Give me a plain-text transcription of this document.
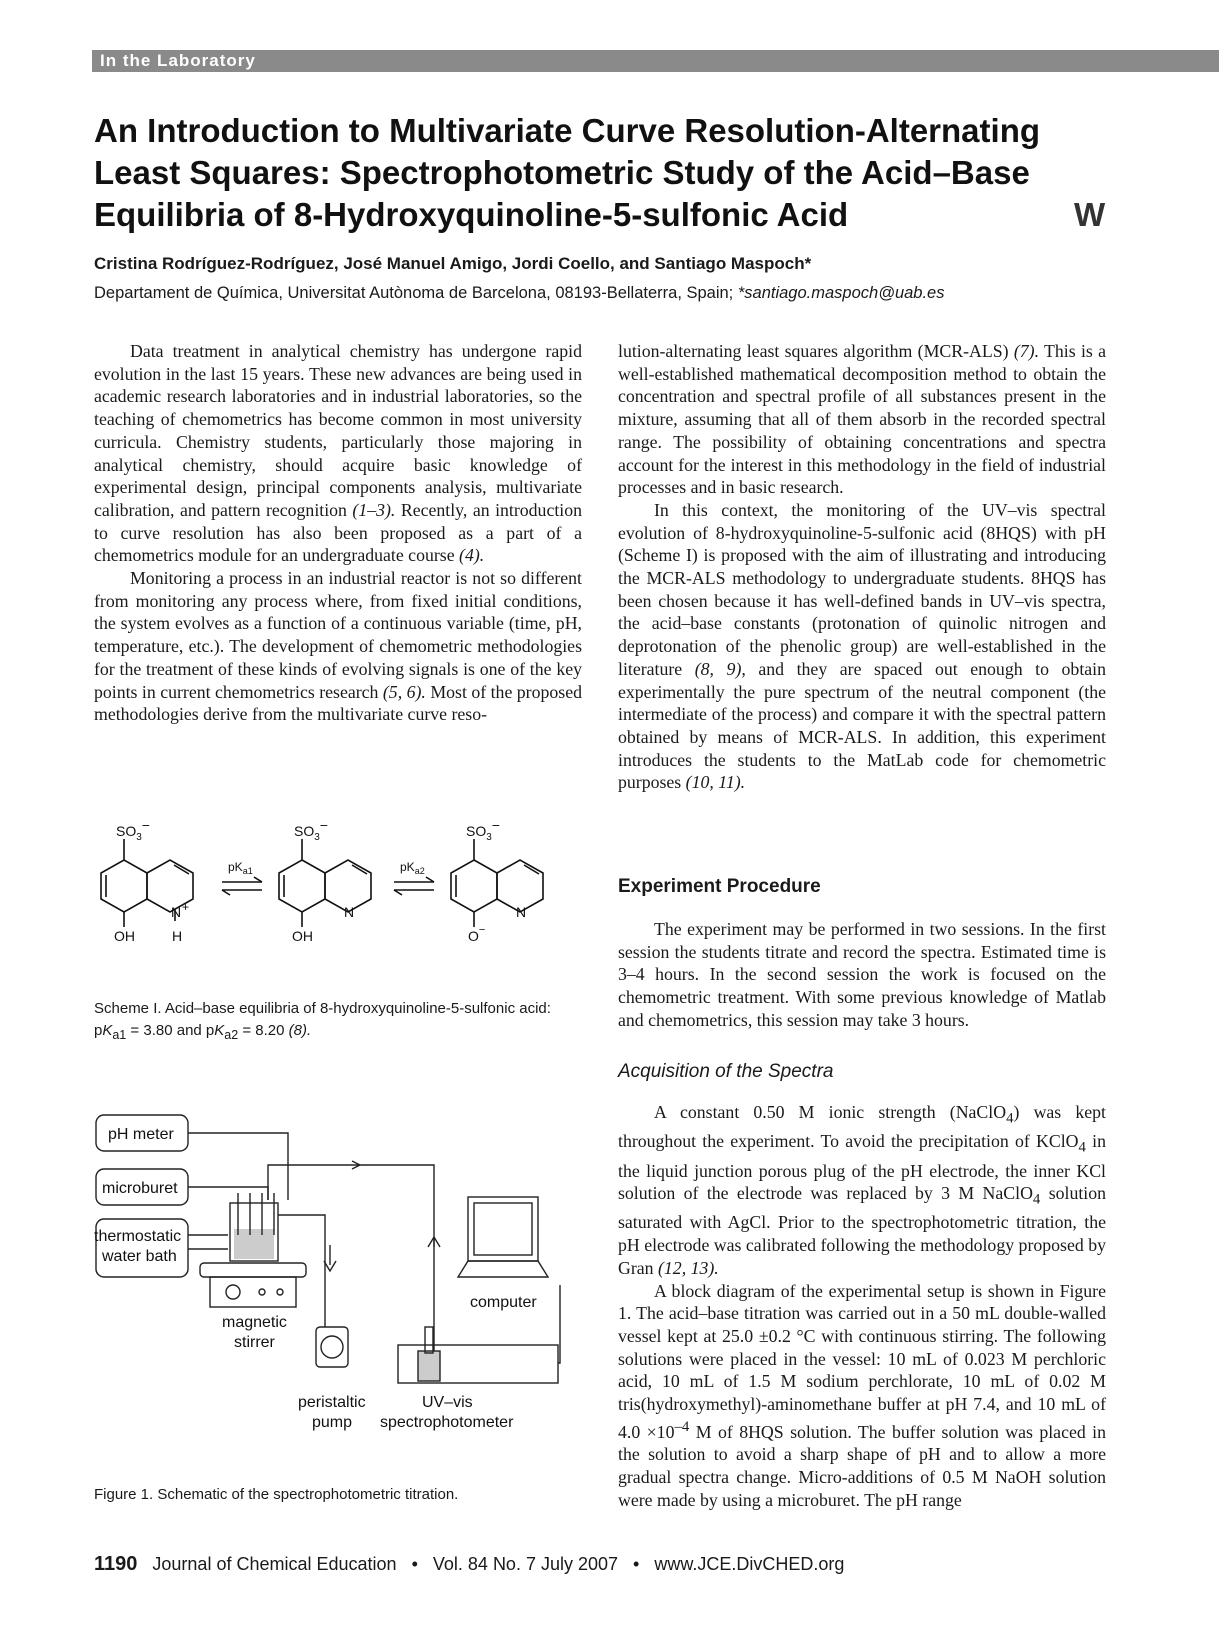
In the Laboratory
An Introduction to Multivariate Curve Resolution-Alternating
Least Squares: Spectrophotometric Study of the Acid–Base
Equilibria of 8-Hydroxyquinoline-5-sulfonic Acid	W
Cristina Rodríguez-Rodríguez, José Manuel Amigo, Jordi Coello, and Santiago Maspoch*
Departament de Química, Universitat Autònoma de Barcelona, 08193-Bellaterra, Spain; *santiago.maspoch@uab.es

Data treatment in analytical chemistry has undergone rapid evolution in the last 15 years. These new advances are being used in academic research laboratories and in industrial laboratories, so the teaching of chemometrics has become common in most university curricula. Chemistry students, particularly those majoring in analytical chemistry, should acquire basic knowledge of experimental design, principal components analysis, multivariate calibration, and pattern recognition (1–3). Recently, an introduction to curve resolution has also been proposed as a part of a chemometrics module for an undergraduate course (4).

Monitoring a process in an industrial reactor is not so different from monitoring any process where, from fixed initial conditions, the system evolves as a function of a continuous variable (time, pH, temperature, etc.). The development of chemometric methodologies for the treatment of these kinds of evolving signals is one of the key points in current chemometrics research (5, 6). Most of the proposed methodologies derive from the multivariate curve reso-

$SO_3-$	$SO_3-$	$SO_3-$
OH	H
N +
OH
N
O−
N
$pK_{a1}$	$pK_{a2}$
Scheme I. Acid–base equilibria of 8-hydroxyquinoline-5-sulfonic acid: $pK_{a1} = 3.80$ and $pK_{a2} = 8.20$ (8).
pH meter
microburet
thermostatic
water bath
magnetic
stirrer
computer
peristaltic
pump
UV–vis
spectrophotometer
Figure 1. Schematic of the spectrophotometric titration.

lution-alternating least squares algorithm (MCR-ALS) (7). This is a well-established mathematical decomposition method to obtain the concentration and spectral profile of all substances present in the mixture, assuming that all of them absorb in the recorded spectral range. The possibility of obtaining concentrations and spectra account for the interest in this methodology in the field of industrial processes and in basic research.

In this context, the monitoring of the UV–vis spectral evolution of 8-hydroxyquinoline-5-sulfonic acid (8HQS) with pH (Scheme I) is proposed with the aim of illustrating and introducing the MCR-ALS methodology to undergraduate students. 8HQS has been chosen because it has well-defined bands in UV–vis spectra, the acid–base constants (protonation of quinolic nitrogen and deprotonation of the phenolic group) are well-established in the literature (8, 9), and they are spaced out enough to obtain experimentally the pure spectrum of the neutral component (the intermediate of the process) and compare it with the spectral pattern obtained by means of MCR-ALS. In addition, this experiment introduces the students to the MatLab code for chemometric purposes (10, 11).

Experiment Procedure

The experiment may be performed in two sessions. In the first session the students titrate and record the spectra. Estimated time is 3–4 hours. In the second session the work is focused on the chemometric treatment. With some previous knowledge of Matlab and chemometrics, this session may take 3 hours.

Acquisition of the Spectra

A constant 0.50 M ionic strength (NaClO$_4$) was kept throughout the experiment. To avoid the precipitation of KClO$_4$ in the liquid junction porous plug of the pH electrode, the inner KCl solution of the electrode was replaced by 3 M NaClO$_4$ solution saturated with AgCl. Prior to the spectrophotometric titration, the pH electrode was calibrated following the methodology proposed by Gran (12, 13).

A block diagram of the experimental setup is shown in Figure 1. The acid–base titration was carried out in a 50 mL double-walled vessel kept at 25.0 ±0.2 °C with continuous stirring. The following solutions were placed in the vessel: 10 mL of 0.023 M perchloric acid, 10 mL of 1.5 M sodium perchlorate, 10 mL of 0.02 M tris(hydroxymethyl)-aminomethane buffer at pH 7.4, and 10 mL of $4.0 \times 10^{-4}$ M of 8HQS solution. The buffer solution was placed in the solution to avoid a sharp shape of pH and to allow a more gradual spectra change. Micro-additions of 0.5 M NaOH solution were made by using a microburet. The pH range

1190 Journal of Chemical Education • Vol. 84 No. 7 July 2007 • www.JCE.DivCHED.org
